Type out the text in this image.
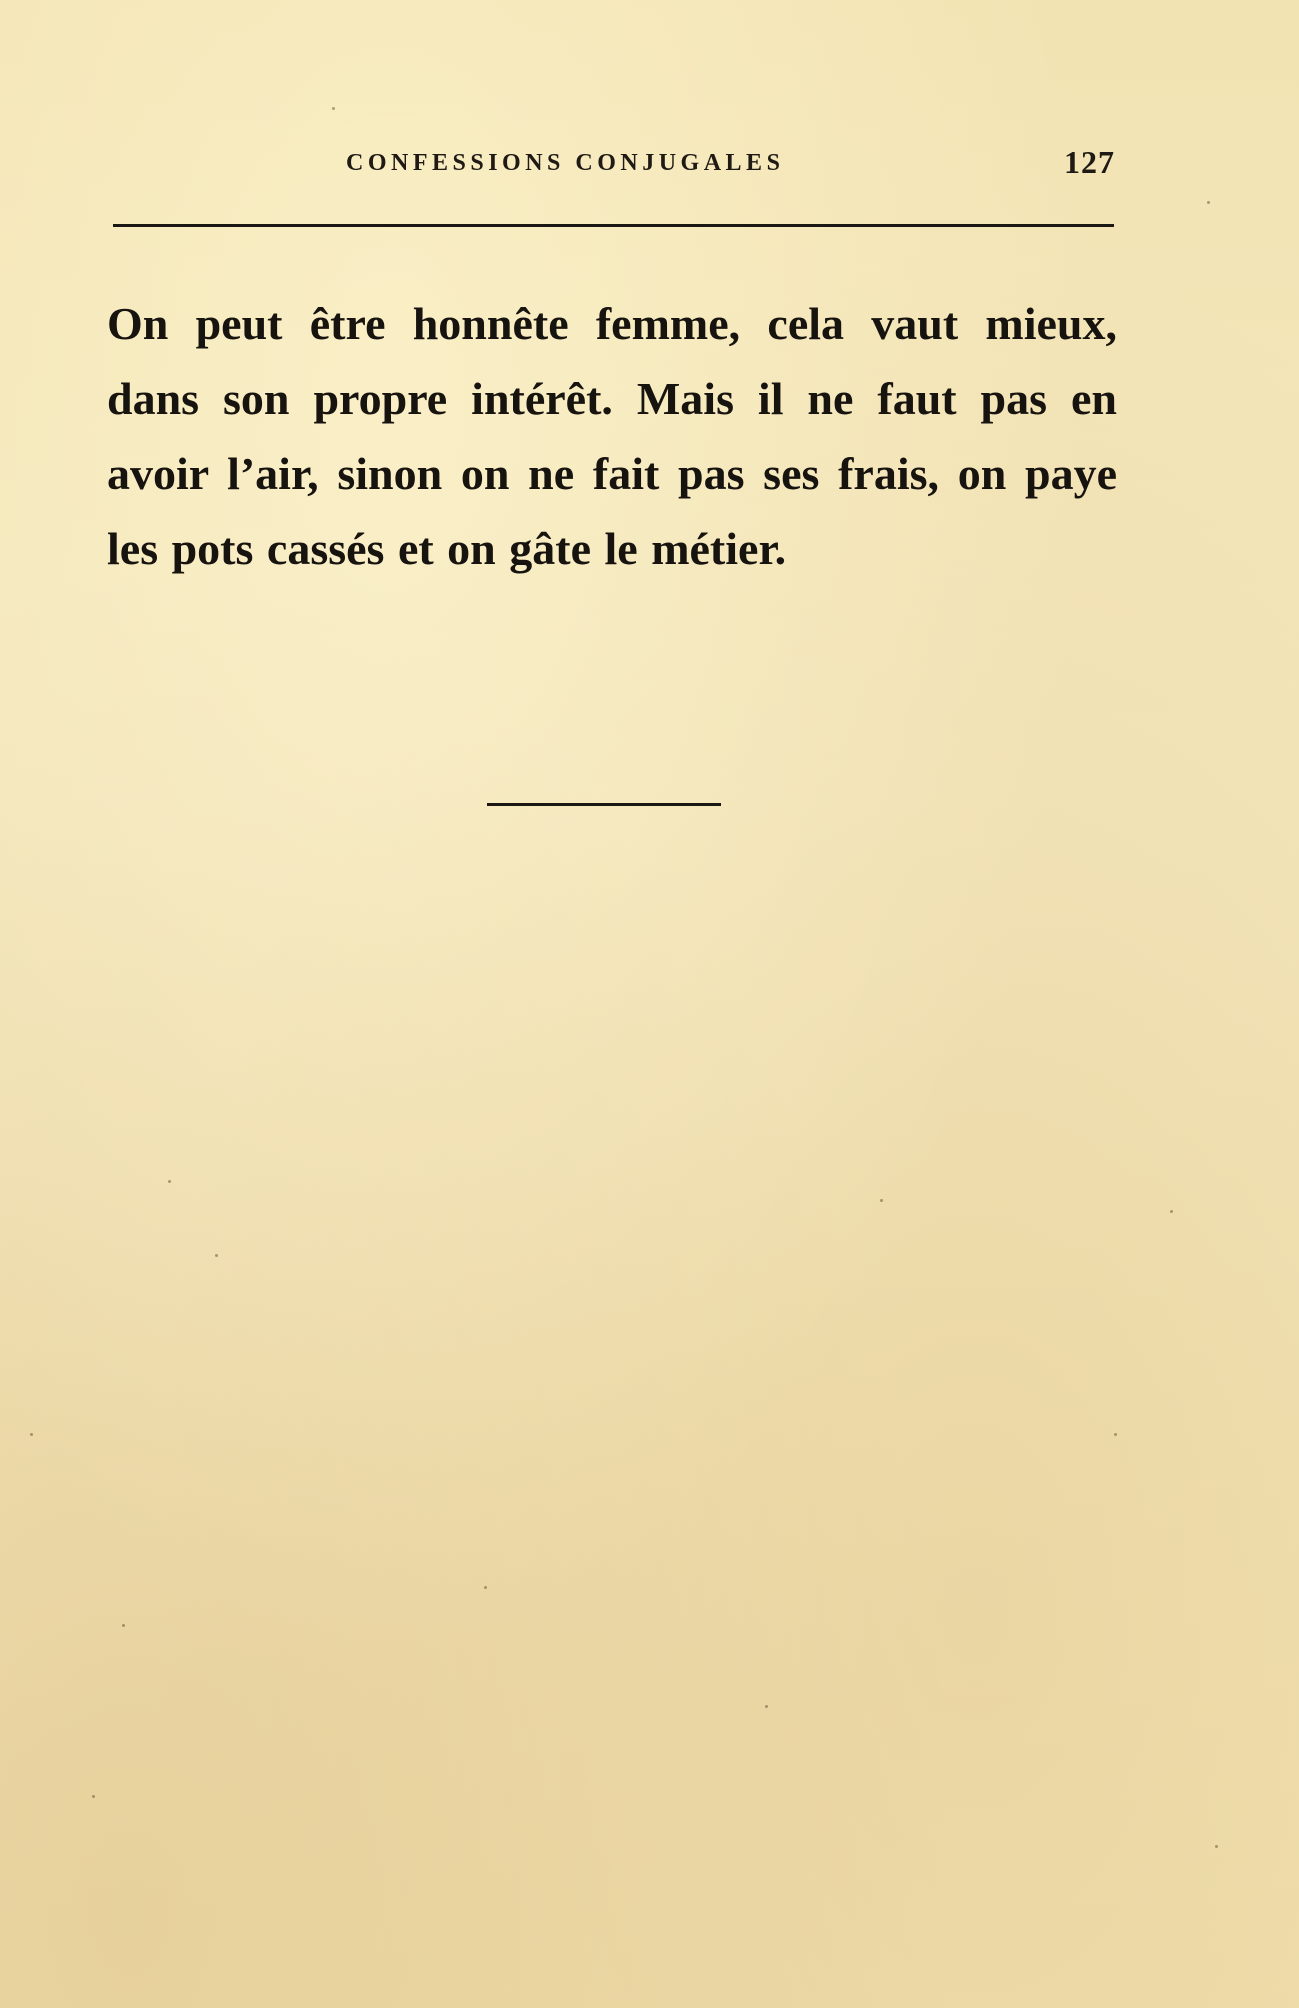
CONFESSIONS CONJUGALES	127

On peut être honnête femme, cela vaut mieux, dans son propre intérêt. Mais il ne faut pas en avoir l’air, sinon on ne fait pas ses frais, on paye les pots cassés et on gâte le métier.
